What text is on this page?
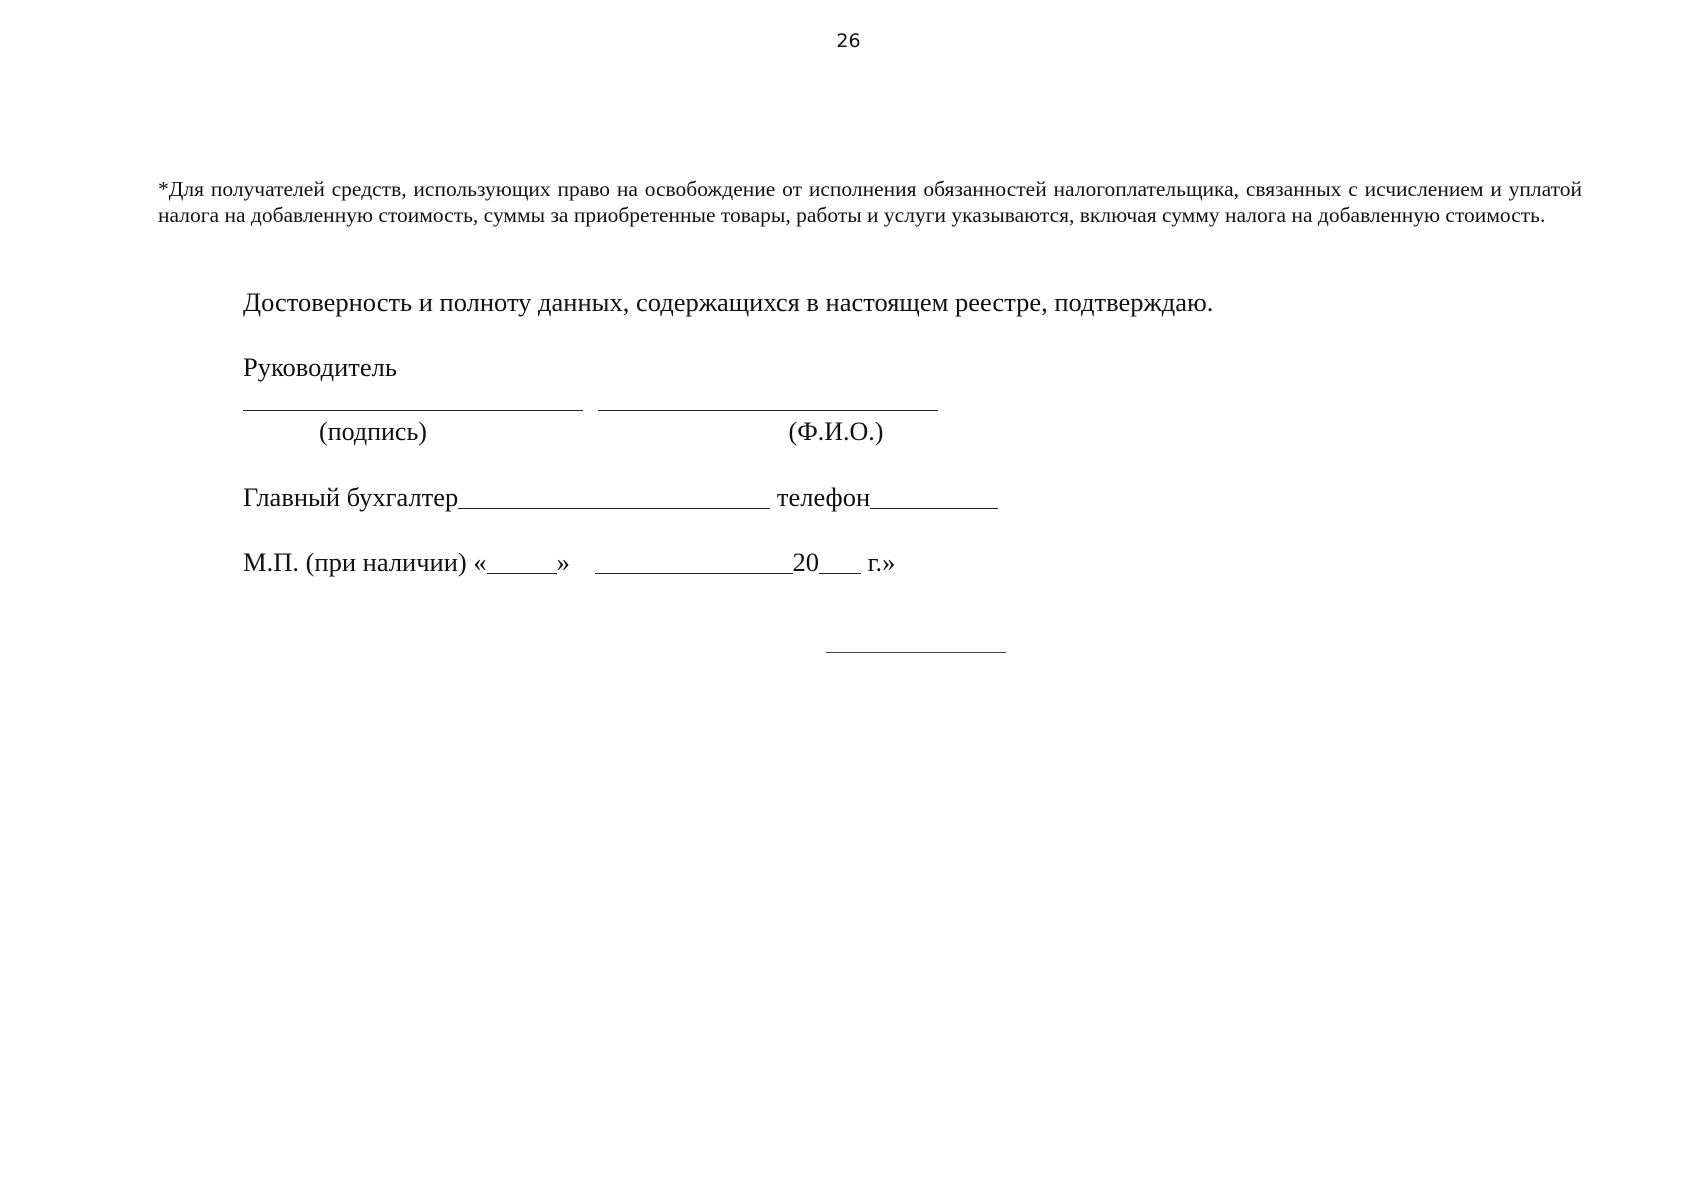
26

*Для получателей средств, использующих право на освобождение от исполнения обязанностей налогоплательщика, связанных с исчислением и уплатой налога на добавленную стоимость, суммы за приобретенные товары, работы и услуги указываются, включая сумму налога на добавленную стоимость.

Достоверность и полноту данных, содержащихся в настоящем реестре, подтверждаю.

Руководитель
(подпись)	(Ф.И.О.)
Главный бухгалтер	телефон
М.П. (при наличии) «	»	20 г.»
